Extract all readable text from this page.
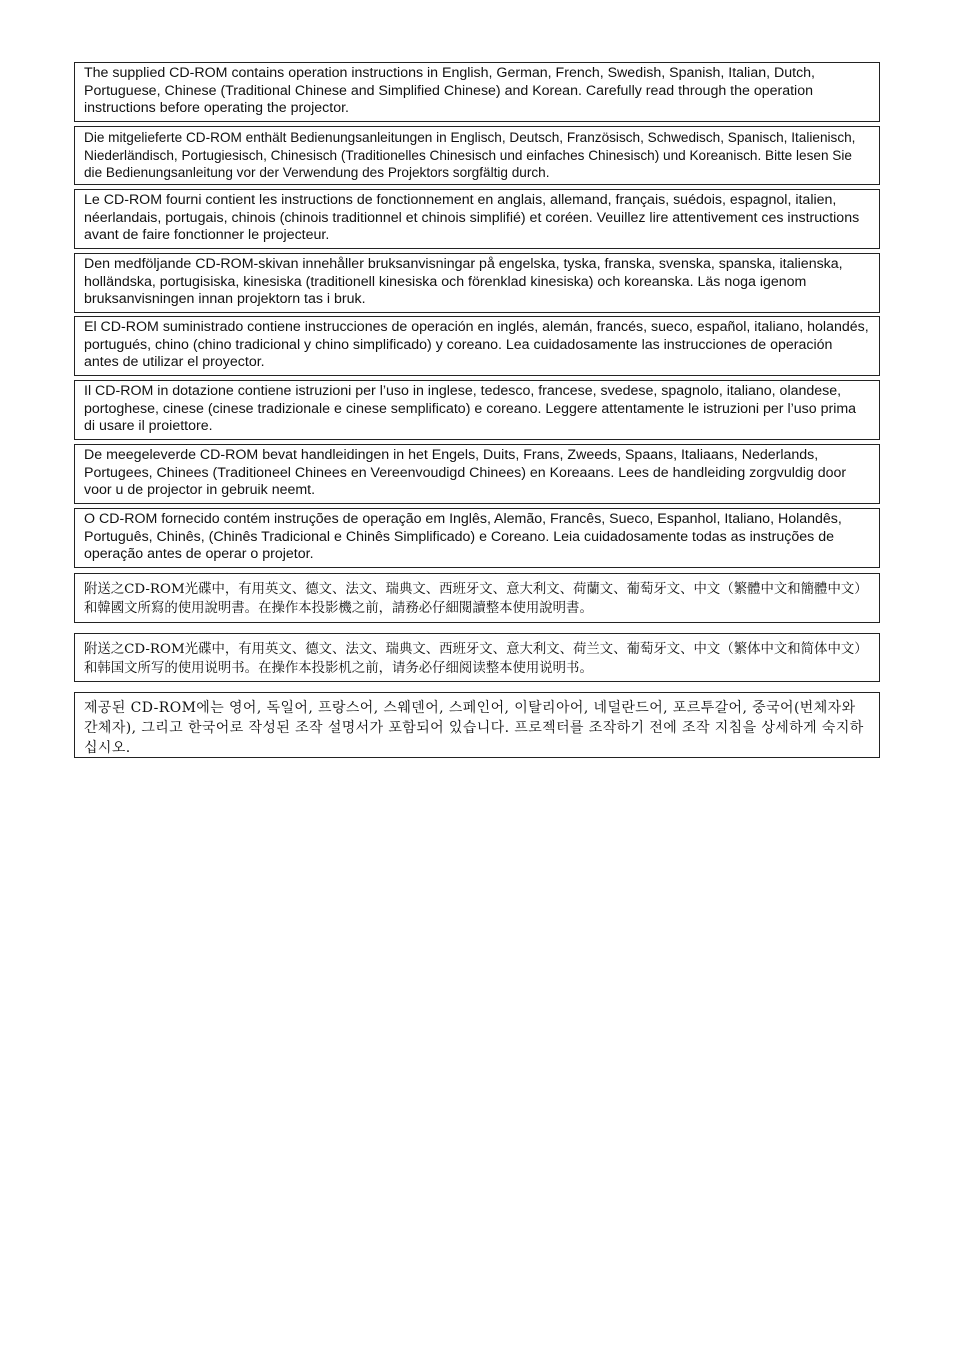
The supplied CD-ROM contains operation instructions in English, German, French, Swedish, Spanish, Italian, Dutch, Portuguese, Chinese (Traditional Chinese and Simplified Chinese) and Korean. Carefully read through the operation instructions before operating the projector.

Die mitgelieferte CD-ROM enthält Bedienungsanleitungen in Englisch, Deutsch, Französisch, Schwedisch, Spanisch, Italienisch, Niederländisch, Portugiesisch, Chinesisch (Traditionelles Chinesisch und einfaches Chinesisch) und Koreanisch. Bitte lesen Sie die Bedienungsanleitung vor der Verwendung des Projektors sorgfältig durch.

Le CD-ROM fourni contient les instructions de fonctionnement en anglais, allemand, français, suédois, espagnol, italien, néerlandais, portugais, chinois (chinois traditionnel et chinois simplifié) et coréen. Veuillez lire attentivement ces instructions avant de faire fonctionner le projecteur.

Den medföljande CD-ROM-skivan innehåller bruksanvisningar på engelska, tyska, franska, svenska, spanska, italienska, holländska, portugisiska, kinesiska (traditionell kinesiska och förenklad kinesiska) och koreanska. Läs noga igenom bruksanvisningen innan projektorn tas i bruk.

El CD-ROM suministrado contiene instrucciones de operación en inglés, alemán, francés, sueco, español, italiano, holandés, portugués, chino (chino tradicional y chino simplificado) y coreano. Lea cuidadosamente las instrucciones de operación antes de utilizar el proyector.

Il CD-ROM in dotazione contiene istruzioni per l’uso in inglese, tedesco, francese, svedese, spagnolo, italiano, olandese, portoghese, cinese (cinese tradizionale e cinese semplificato) e coreano. Leggere attentamente le istruzioni per l’uso prima di usare il proiettore.

De meegeleverde CD-ROM bevat handleidingen in het Engels, Duits, Frans, Zweeds, Spaans, Italiaans, Nederlands, Portugees, Chinees (Traditioneel Chinees en Vereenvoudigd Chinees) en Koreaans. Lees de handleiding zorgvuldig door voor u de projector in gebruik neemt.

O CD-ROM fornecido contém instruções de operação em Inglês, Alemão, Francês, Sueco, Espanhol, Italiano, Holandês, Português, Chinês, (Chinês Tradicional e Chinês Simplificado) e Coreano. Leia cuidadosamente todas as instruções de operação antes de operar o projetor.

附送之CD-ROM光碟中，有用英文、德文、法文、瑞典文、西班牙文、意大利文、荷蘭文、葡萄牙文、中文（繁體中文和簡體中文）和韓國文所寫的使用說明書。在操作本投影機之前，請務必仔細閱讀整本使用說明書。

附送之CD-ROM光碟中，有用英文、德文、法文、瑞典文、西班牙文、意大利文、荷兰文、葡萄牙文、中文（繁体中文和简体中文）和韩国文所写的使用说明书。在操作本投影机之前，请务必仔细阅读整本使用说明书。

제공된 CD-ROM에는 영어, 독일어, 프랑스어, 스웨덴어, 스페인어, 이탈리아어, 네덜란드어, 포르투갈어, 중국어(번체자와 간체자), 그리고 한국어로 작성된 조작 설명서가 포함되어 있습니다. 프로젝터를 조작하기 전에 조작 지침을 상세하게 숙지하십시오.
